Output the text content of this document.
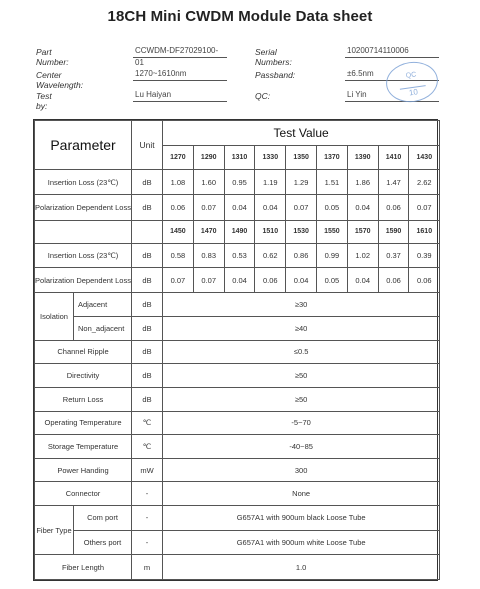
18CH Mini CWDM Module Data sheet
Part Number:
CCWDM-DF27029100-01
Serial Numbers:
10200714110006
Center Wavelength:
1270~1610nm	Passband:	±6.5nm
Test by:
Lu Haiyan	QC:	Li Yin
QC
10
Parameter		Unit	Test Value								
			1270	1290	1310	1330	1350	1370	1390	1410	1430
Insertion Loss (23℃)		dB	1.08	1.60	0.95	1.19	1.29	1.51	1.86	1.47	2.62
Polarization Dependent Loss		dB	0.06	0.07	0.04	0.04	0.07	0.05	0.04	0.06	0.07
			1450	1470	1490	1510	1530	1550	1570	1590	1610
Insertion Loss (23℃)		dB	0.58	0.83	0.53	0.62	0.86	0.99	1.02	0.37	0.39
Polarization Dependent Loss		dB	0.07	0.07	0.04	0.06	0.04	0.05	0.04	0.06	0.06
Isolation	Adjacent	dB	≥30								
	Non_adjacent	dB	≥40								
Channel Ripple		dB	≤0.5								
Directivity		dB	≥50								
Return Loss		dB	≥50								
Operating Temperature		℃	-5~70								
Storage Temperature		℃	-40~85								
Power Handing		mW	300								
Connector		-	None								
Fiber Type	Com port	-	G657A1 with 900um black Loose Tube								
	Others port	-	G657A1 with 900um white Loose Tube								
Fiber Length		m	1.0								
